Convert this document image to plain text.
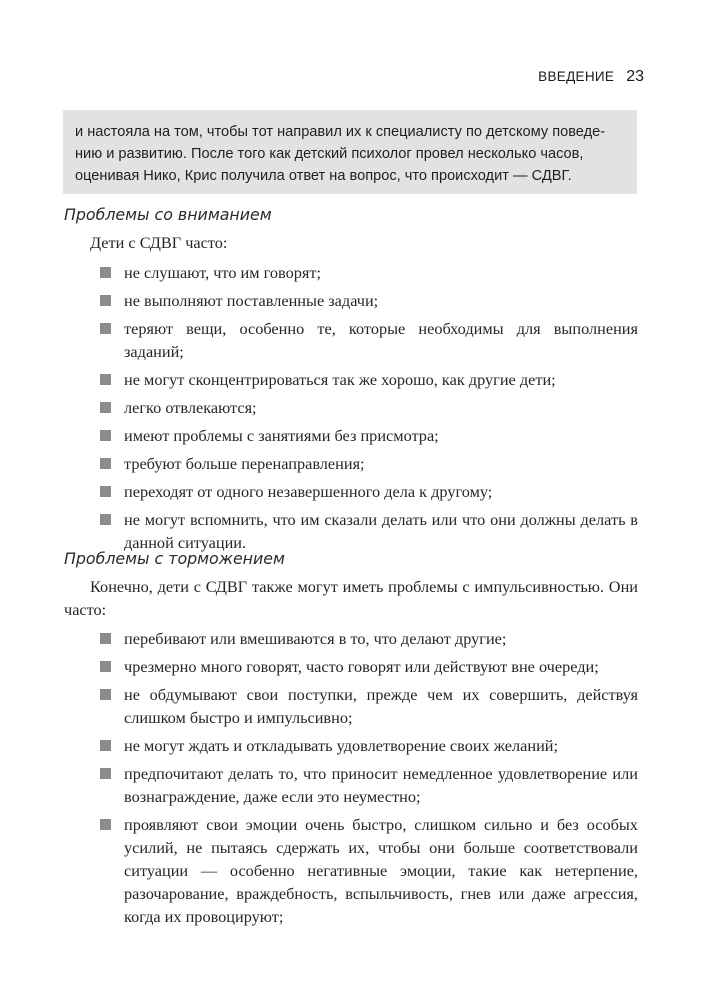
ВВЕДЕНИЕ 23

и настояла на том, чтобы тот направил их к специалисту по детскому поведе-

нию и развитию. После того как детский психолог провел несколько часов,

оценивая Нико, Крис получила ответ на вопрос, что происходит — СДВГ.

Проблемы со вниманием

Дети с СДВГ часто:

не слушают, что им говорят;
не выполняют поставленные задачи;
теряют вещи, особенно те, которые необходимы для выполнения заданий;
не могут сконцентрироваться так же хорошо, как другие дети;
легко отвлекаются;
имеют проблемы с занятиями без присмотра;
требуют больше перенаправления;
переходят от одного незавершенного дела к другому;
не могут вспомнить, что им сказали делать или что они должны делать в данной ситуации.
Проблемы с торможением

Конечно, дети с СДВГ также могут иметь проблемы с импульсивностью. Они часто:

перебивают или вмешиваются в то, что делают другие;
чрезмерно много говорят, часто говорят или действуют вне очереди;
не обдумывают свои поступки, прежде чем их совершить, действуя слишком быстро и импульсивно;
не могут ждать и откладывать удовлетворение своих желаний;
предпочитают делать то, что приносит немедленное удовлетворение или вознаграждение, даже если это неуместно;
проявляют свои эмоции очень быстро, слишком сильно и без особых усилий, не пытаясь сдержать их, чтобы они больше соответствовали ситуации — особенно негативные эмоции, такие как нетерпение, разочарование, враждебность, вспыльчивость, гнев или даже агрессия, когда их провоцируют;
